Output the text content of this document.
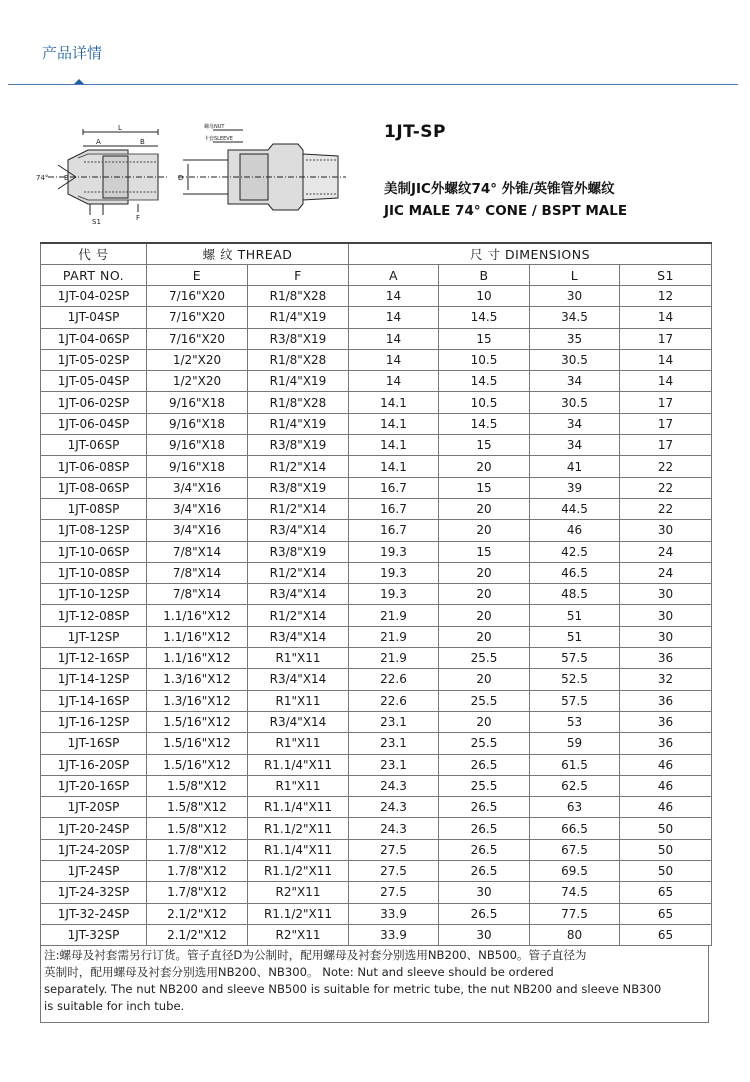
产品详情
L
A	B
74° E
S1	F
D
螺母NUT
卡套SLEEVE	1JT-SP
美制JIC外螺纹74° 外锥/英锥管外螺纹
JIC MALE 74° CONE / BSPT MALE
代 号	螺 纹 THREAD		尺 寸 DIMENSIONS			
PART NO.	E	F	A	B	L	S1
1JT-04-02SP	7/16"X20	R1/8"X28	14	10	30	12
1JT-04SP	7/16"X20	R1/4"X19	14	14.5	34.5	14
1JT-04-06SP	7/16"X20	R3/8"X19	14	15	35	17
1JT-05-02SP	1/2"X20	R1/8"X28	14	10.5	30.5	14
1JT-05-04SP	1/2"X20	R1/4"X19	14	14.5	34	14
1JT-06-02SP	9/16"X18	R1/8"X28	14.1	10.5	30.5	17
1JT-06-04SP	9/16"X18	R1/4"X19	14.1	14.5	34	17
1JT-06SP	9/16"X18	R3/8"X19	14.1	15	34	17
1JT-06-08SP	9/16"X18	R1/2"X14	14.1	20	41	22
1JT-08-06SP	3/4"X16	R3/8"X19	16.7	15	39	22
1JT-08SP	3/4"X16	R1/2"X14	16.7	20	44.5	22
1JT-08-12SP	3/4"X16	R3/4"X14	16.7	20	46	30
1JT-10-06SP	7/8"X14	R3/8"X19	19.3	15	42.5	24
1JT-10-08SP	7/8"X14	R1/2"X14	19.3	20	46.5	24
1JT-10-12SP	7/8"X14	R3/4"X14	19.3	20	48.5	30
1JT-12-08SP	1.1/16"X12	R1/2"X14	21.9	20	51	30
1JT-12SP	1.1/16"X12	R3/4"X14	21.9	20	51	30
1JT-12-16SP	1.1/16"X12	R1"X11	21.9	25.5	57.5	36
1JT-14-12SP	1.3/16"X12	R3/4"X14	22.6	20	52.5	32
1JT-14-16SP	1.3/16"X12	R1"X11	22.6	25.5	57.5	36
1JT-16-12SP	1.5/16"X12	R3/4"X14	23.1	20	53	36
1JT-16SP	1.5/16"X12	R1"X11	23.1	25.5	59	36
1JT-16-20SP	1.5/16"X12	R1.1/4"X11	23.1	26.5	61.5	46
1JT-20-16SP	1.5/8"X12	R1"X11	24.3	25.5	62.5	46
1JT-20SP	1.5/8"X12	R1.1/4"X11	24.3	26.5	63	46
1JT-20-24SP	1.5/8"X12	R1.1/2"X11	24.3	26.5	66.5	50
1JT-24-20SP	1.7/8"X12	R1.1/4"X11	27.5	26.5	67.5	50
1JT-24SP	1.7/8"X12	R1.1/2"X11	27.5	26.5	69.5	50
1JT-24-32SP	1.7/8"X12	R2"X11	27.5	30	74.5	65
1JT-32-24SP	2.1/2"X12	R1.1/2"X11	33.9	26.5	77.5	65
1JT-32SP	2.1/2"X12	R2"X11	33.9	30	80	65
注:螺母及衬套需另行订货。管子直径D为公制时，配用螺母及衬套分别选用NB200、NB500。管子直径为
英制时，配用螺母及衬套分别选用NB200、NB300。 Note: Nut and sleeve should be ordered
separately. The nut NB200 and sleeve NB500 is suitable for metric tube, the nut NB200 and sleeve NB300
is suitable for inch tube.
